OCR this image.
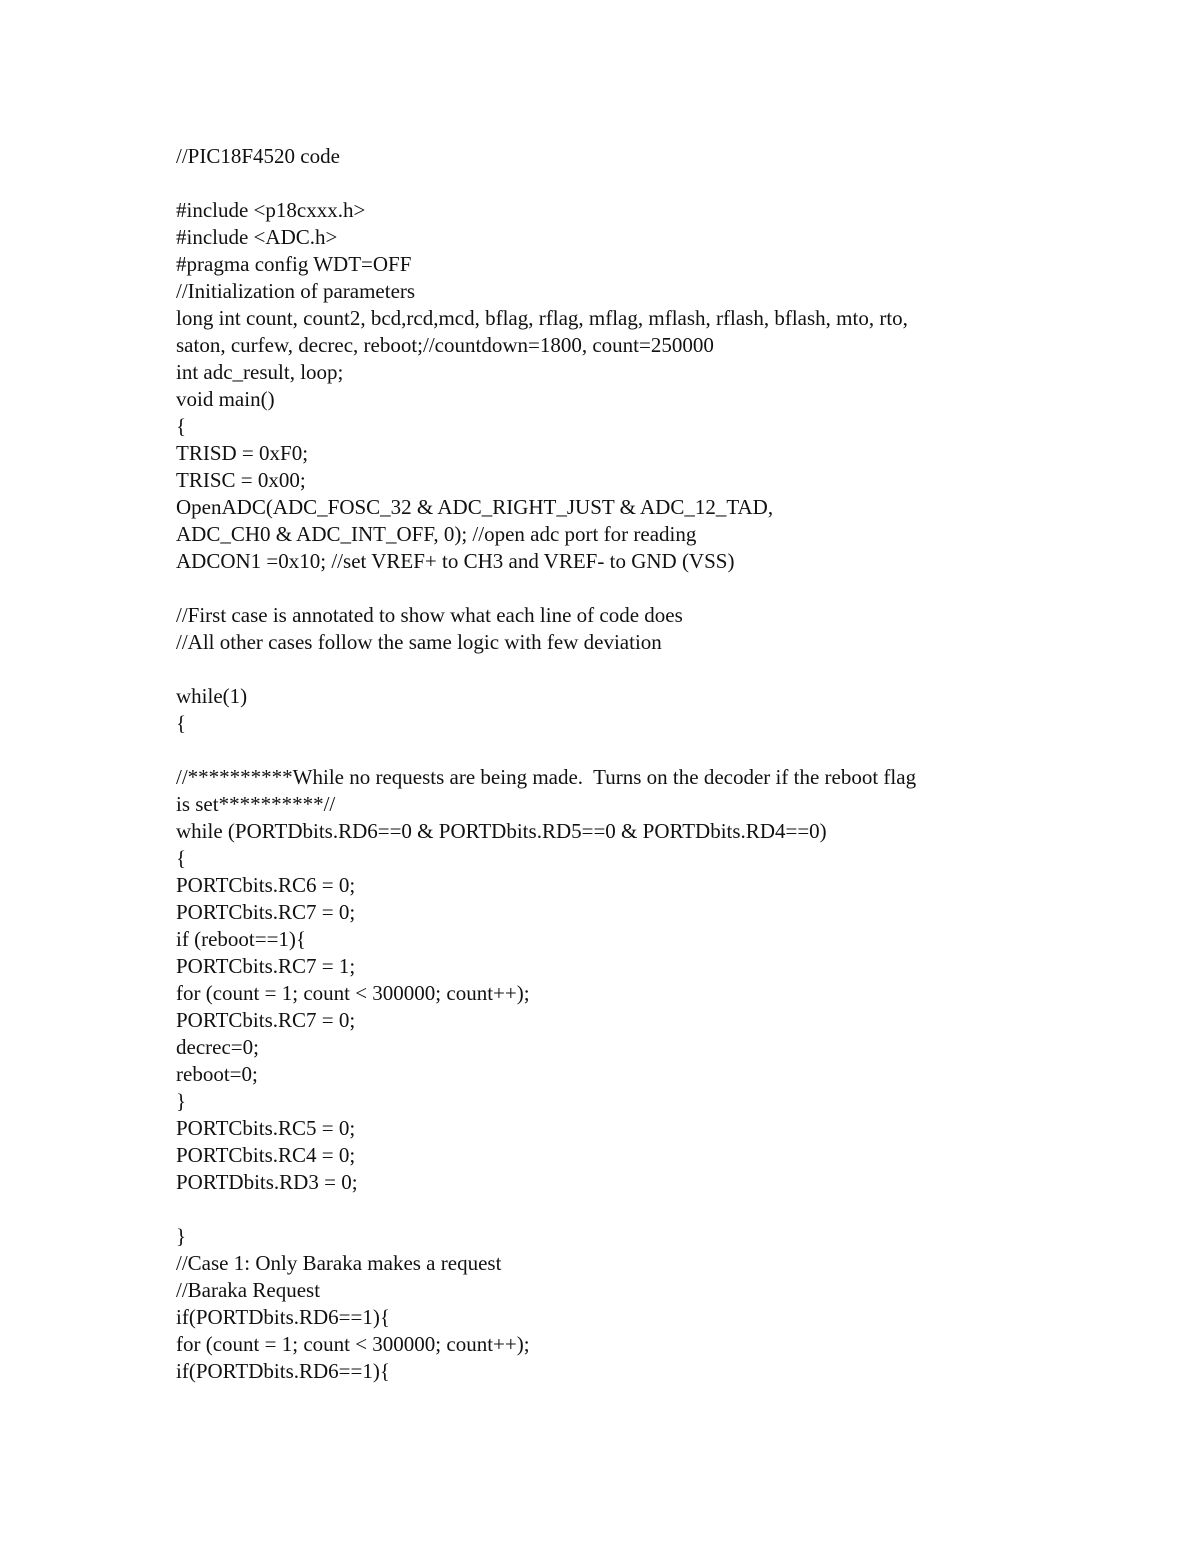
//PIC18F4520 code
#include <p18cxxx.h>
#include <ADC.h>
#pragma config WDT=OFF
//Initialization of parameters
long int count, count2, bcd,rcd,mcd, bflag, rflag, mflag, mflash, rflash, bflash, mto, rto,
saton, curfew, decrec, reboot;//countdown=1800, count=250000
int adc_result, loop;
void main()
{
TRISD = 0xF0;
TRISC = 0x00;
OpenADC(ADC_FOSC_32 & ADC_RIGHT_JUST & ADC_12_TAD,
ADC_CH0 & ADC_INT_OFF, 0); //open adc port for reading
ADCON1 =0x10; //set VREF+ to CH3 and VREF- to GND (VSS)
//First case is annotated to show what each line of code does
//All other cases follow the same logic with few deviation
while(1)
{
//**********While no requests are being made.  Turns on the decoder if the reboot flag
is set**********//
while (PORTDbits.RD6==0 & PORTDbits.RD5==0 & PORTDbits.RD4==0)
{
PORTCbits.RC6 = 0;
PORTCbits.RC7 = 0;
if (reboot==1){
PORTCbits.RC7 = 1;
for (count = 1; count < 300000; count++);
PORTCbits.RC7 = 0;
decrec=0;
reboot=0;
}
PORTCbits.RC5 = 0;
PORTCbits.RC4 = 0;
PORTDbits.RD3 = 0;
}
//Case 1: Only Baraka makes a request
//Baraka Request
if(PORTDbits.RD6==1){
for (count = 1; count < 300000; count++);
if(PORTDbits.RD6==1){
